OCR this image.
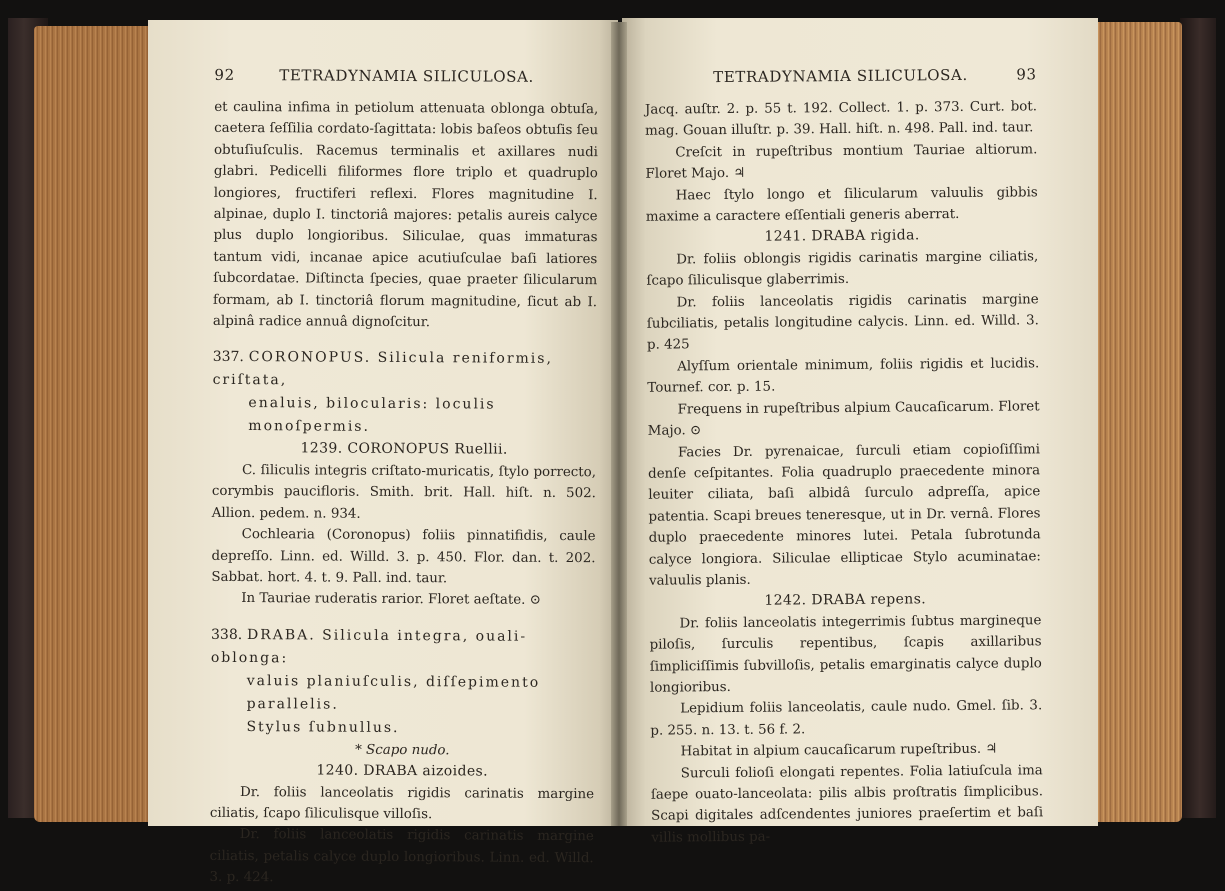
92	TETRADYNAMIA SILICULOSA.

et caulina infima in petiolum attenuata oblonga obtuſa, caetera ſeſſilia cordato-ſagittata: lobis baſeos obtuſis ſeu obtuſiuſculis. Racemus terminalis et axillares nudi glabri. Pedicelli filiformes flore triplo et quadruplo longiores, fructiferi reflexi. Flores magnitudine I. alpinae, duplo I. tinctoriâ majores: petalis aureis calyce plus duplo longioribus. Siliculae, quas immaturas tantum vidi, incanae apice acutiuſculae baſi latiores ſubcordatae. Diſtincta ſpecies, quae praeter ſilicularum formam, ab I. tinctoriâ florum magnitudine, ſicut ab I. alpinâ radice annuâ dignoſcitur.

337. CORONOPUS. Silicula reniformis, criſtata,
enaluis, bilocularis: loculis monoſpermis.

1239. CORONOPUS Ruellii.

C. ſiliculis integris criſtato-muricatis, ſtylo porrecto, corymbis paucifloris. Smith. brit. Hall. hiſt. n. 502. Allion. pedem. n. 934.

Cochlearia (Coronopus) foliis pinnatifidis, caule depreſſo. Linn. ed. Willd. 3. p. 450. Flor. dan. t. 202. Sabbat. hort. 4. t. 9. Pall. ind. taur.

In Tauriae ruderatis rarior. Floret aeſtate. ⊙

338. DRABA. Silicula integra, ouali-oblonga:
valuis planiuſculis, diſſepimento parallelis.
Stylus ſubnullus.

* Scapo nudo.

1240. DRABA aizoides.

Dr. foliis lanceolatis rigidis carinatis margine ciliatis, ſcapo ſiliculisque villoſis.

Dr. foliis lanceolatis rigidis carinatis margine ciliatis, petalis calyce duplo longioribus. Linn. ed. Willd. 3. p. 424.

TETRADYNAMIA SILICULOSA.	93

Jacq. auſtr. 2. p. 55 t. 192. Collect. 1. p. 373. Curt. bot. mag. Gouan illuſtr. p. 39. Hall. hiſt. n. 498. Pall. ind. taur.

Creſcit in rupeſtribus montium Tauriae altiorum. Floret Majo. ♃

Haec ſtylo longo et ſilicularum valuulis gibbis maxime a caractere eſſentiali generis aberrat.

1241. DRABA rigida.

Dr. foliis oblongis rigidis carinatis margine ciliatis, ſcapo ſiliculisque glaberrimis.

Dr. foliis lanceolatis rigidis carinatis margine ſubciliatis, petalis longitudine calycis. Linn. ed. Willd. 3. p. 425

Alyſſum orientale minimum, foliis rigidis et lucidis. Tournef. cor. p. 15.

Frequens in rupeſtribus alpium Caucaſicarum. Floret Majo. ⊙

Facies Dr. pyrenaicae, ſurculi etiam copioſiſſimi denſe ceſpitantes. Folia quadruplo praecedente minora leuiter ciliata, baſi albidâ ſurculo adpreſſa, apice patentia. Scapi breues teneresque, ut in Dr. vernâ. Flores duplo praecedente minores lutei. Petala ſubrotunda calyce longiora. Siliculae ellipticae Stylo acuminatae: valuulis planis.

1242. DRABA repens.

Dr. foliis lanceolatis integerrimis ſubtus margineque piloſis, ſurculis repentibus, ſcapis axillaribus ſimpliciſſimis ſubvilloſis, petalis emarginatis calyce duplo longioribus.

Lepidium foliis lanceolatis, caule nudo. Gmel. ſib. 3. p. 255. n. 13. t. 56 f. 2.

Habitat in alpium caucaſicarum rupeſtribus. ♃

Surculi folioſi elongati repentes. Folia latiuſcula ima ſaepe ouato-lanceolata: pilis albis proſtratis ſimplicibus. Scapi digitales adſcendentes juniores praeſertim et baſi villis mollibus pa-
